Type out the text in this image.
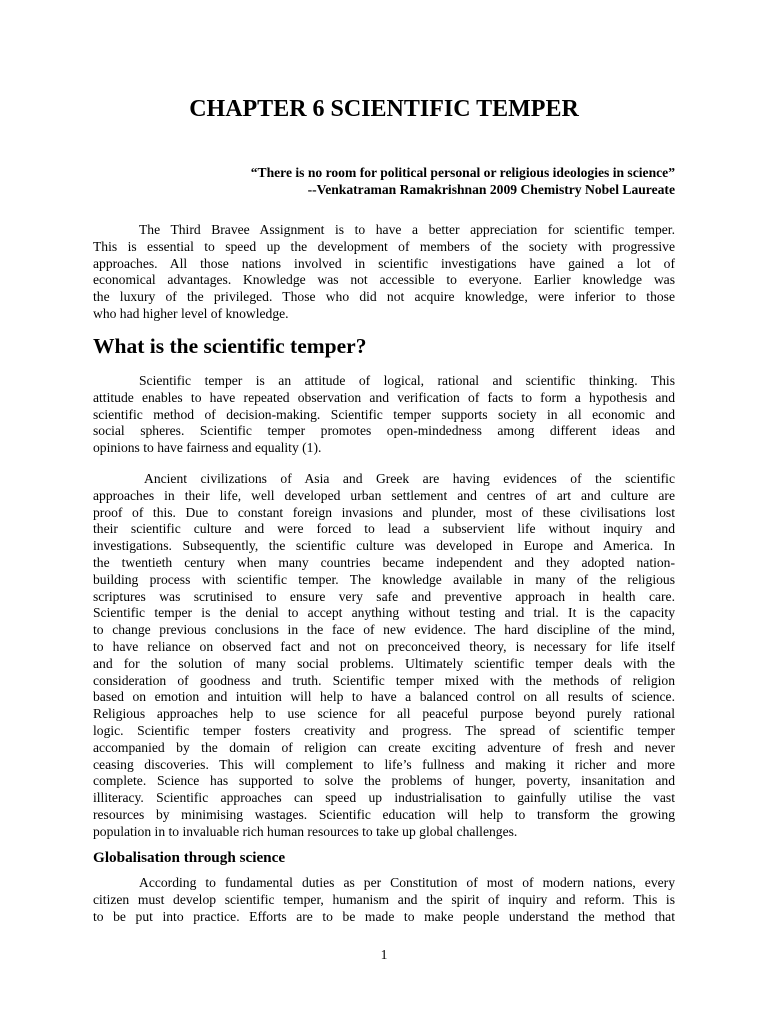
CHAPTER 6 SCIENTIFIC TEMPER
“There is no room for political personal or religious ideologies in science”
--Venkatraman Ramakrishnan 2009 Chemistry Nobel Laureate

The Third Bravee Assignment is to have a better appreciation for scientific temper.
This is essential to speed up the development of members of the society with progressive
approaches. All those nations involved in scientific investigations have gained a lot of
economical advantages. Knowledge was not accessible to everyone. Earlier knowledge was
the luxury of the privileged. Those who did not acquire knowledge, were inferior to those
who had higher level of knowledge.

What is the scientific temper?

Scientific temper is an attitude of logical, rational and scientific thinking. This
attitude enables to have repeated observation and verification of facts to form a hypothesis and
scientific method of decision-making. Scientific temper supports society in all economic and
social spheres. Scientific temper promotes open-mindedness among different ideas and
opinions to have fairness and equality (1).

Ancient civilizations of Asia and Greek are having evidences of the scientific
approaches in their life, well developed urban settlement and centres of art and culture are
proof of this. Due to constant foreign invasions and plunder, most of these civilisations lost
their scientific culture and were forced to lead a subservient life without inquiry and
investigations. Subsequently, the scientific culture was developed in Europe and America. In
the twentieth century when many countries became independent and they adopted nation-
building process with scientific temper. The knowledge available in many of the religious
scriptures was scrutinised to ensure very safe and preventive approach in health care.
Scientific temper is the denial to accept anything without testing and trial. It is the capacity
to change previous conclusions in the face of new evidence. The hard discipline of the mind,
to have reliance on observed fact and not on preconceived theory, is necessary for life itself
and for the solution of many social problems. Ultimately scientific temper deals with the
consideration of goodness and truth. Scientific temper mixed with the methods of religion
based on emotion and intuition will help to have a balanced control on all results of science.
Religious approaches help to use science for all peaceful purpose beyond purely rational
logic. Scientific temper fosters creativity and progress. The spread of scientific temper
accompanied by the domain of religion can create exciting adventure of fresh and never
ceasing discoveries. This will complement to life’s fullness and making it richer and more
complete. Science has supported to solve the problems of hunger, poverty, insanitation and
illiteracy. Scientific approaches can speed up industrialisation to gainfully utilise the vast
resources by minimising wastages. Scientific education will help to transform the growing
population in to invaluable rich human resources to take up global challenges.

Globalisation through science

According to fundamental duties as per Constitution of most of modern nations, every
citizen must develop scientific temper, humanism and the spirit of inquiry and reform. This is
to be put into practice. Efforts are to be made to make people understand the method that

1
